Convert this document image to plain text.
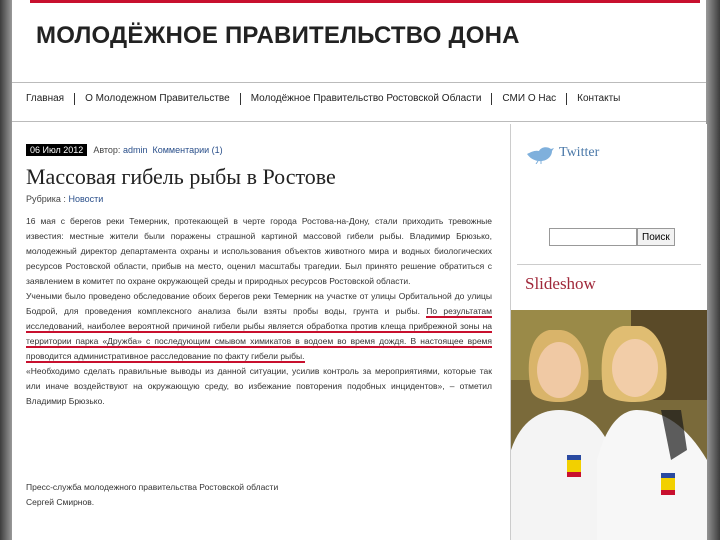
МОЛОДЁЖНОЕ ПРАВИТЕЛЬСТВО ДОНА
Главная	О Молодежном Правительстве	Молодёжное Правительство Ростовской Области	СМИ О Нас	Контакты
06 Июл 2012	Автор:
admin
Комментарии (1)
Массовая гибель рыбы в Ростове
Рубрика : Новости

16 мая с берегов реки Темерник, протекающей в черте города Ростова-на-Дону, стали приходить тревожные известия: местные жители были поражены страшной картиной массовой гибели рыбы. Владимир Брюзько, молодежный директор департамента охраны и использования объектов животного мира и водных биологических ресурсов Ростовской области, прибыв на место, оценил масштабы трагедии. Был принято решение обратиться с заявлением в комитет по охране окружающей среды и природных ресурсов Ростовской области.

Учеными было проведено обследование обоих берегов реки Темерник на участке от улицы Орбитальной до улицы Бодрой, для проведения комплексного анализа были взяты пробы воды, грунта и рыбы. По результатам исследований, наиболее вероятной причиной гибели рыбы является обработка против клеща прибрежной зоны на территории парка «Дружба» с последующим смывом химикатов в водоем во время дождя. В настоящее время проводится административное расследование по факту гибели рыбы.

«Необходимо сделать правильные выводы из данной ситуации, усилив контроль за мероприятиями, которые так или иначе воздействуют на окружающую среду, во избежание повторения подобных инцидентов», – отметил Владимир Брюзько.

Пресс-служба молодежного правительства Ростовской области

Сергей Смирнов.

Twitter
Поиск
Slideshow
